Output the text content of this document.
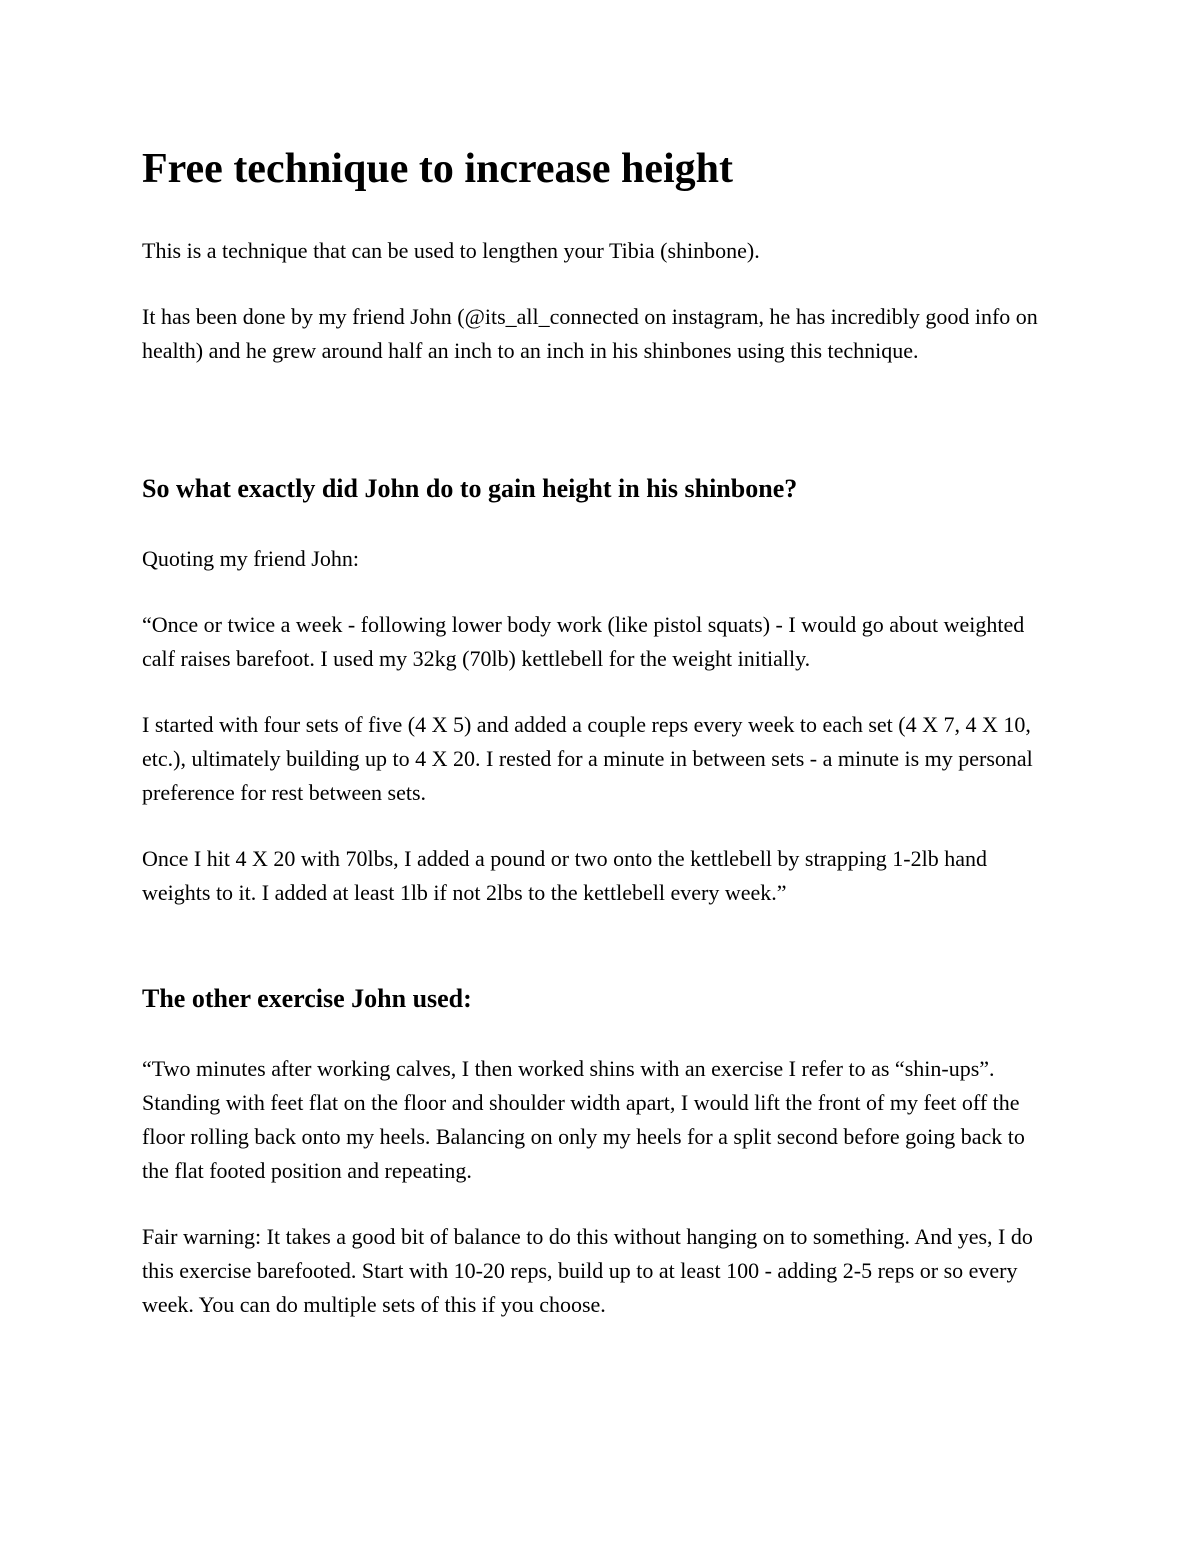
Free technique to increase height

This is a technique that can be used to lengthen your Tibia (shinbone).

It has been done by my friend John (@its_all_connected on instagram, he has incredibly good info on health) and he grew around half an inch to an inch in his shinbones using this technique.

So what exactly did John do to gain height in his shinbone?

Quoting my friend John:

“Once or twice a week - following lower body work (like pistol squats) - I would go about weighted calf raises barefoot. I used my 32kg (70lb) kettlebell for the weight initially.

I started with four sets of five (4 X 5) and added a couple reps every week to each set (4 X 7, 4 X 10, etc.), ultimately building up to 4 X 20. I rested for a minute in between sets - a minute is my personal preference for rest between sets.

Once I hit 4 X 20 with 70lbs, I added a pound or two onto the kettlebell by strapping 1-2lb hand weights to it. I added at least 1lb if not 2lbs to the kettlebell every week.”

The other exercise John used:

“Two minutes after working calves, I then worked shins with an exercise I refer to as “shin-ups”. Standing with feet flat on the floor and shoulder width apart, I would lift the front of my feet off the floor rolling back onto my heels. Balancing on only my heels for a split second before going back to the flat footed position and repeating.

Fair warning: It takes a good bit of balance to do this without hanging on to something. And yes, I do this exercise barefooted. Start with 10-20 reps, build up to at least 100 - adding 2-5 reps or so every week. You can do multiple sets of this if you choose.
